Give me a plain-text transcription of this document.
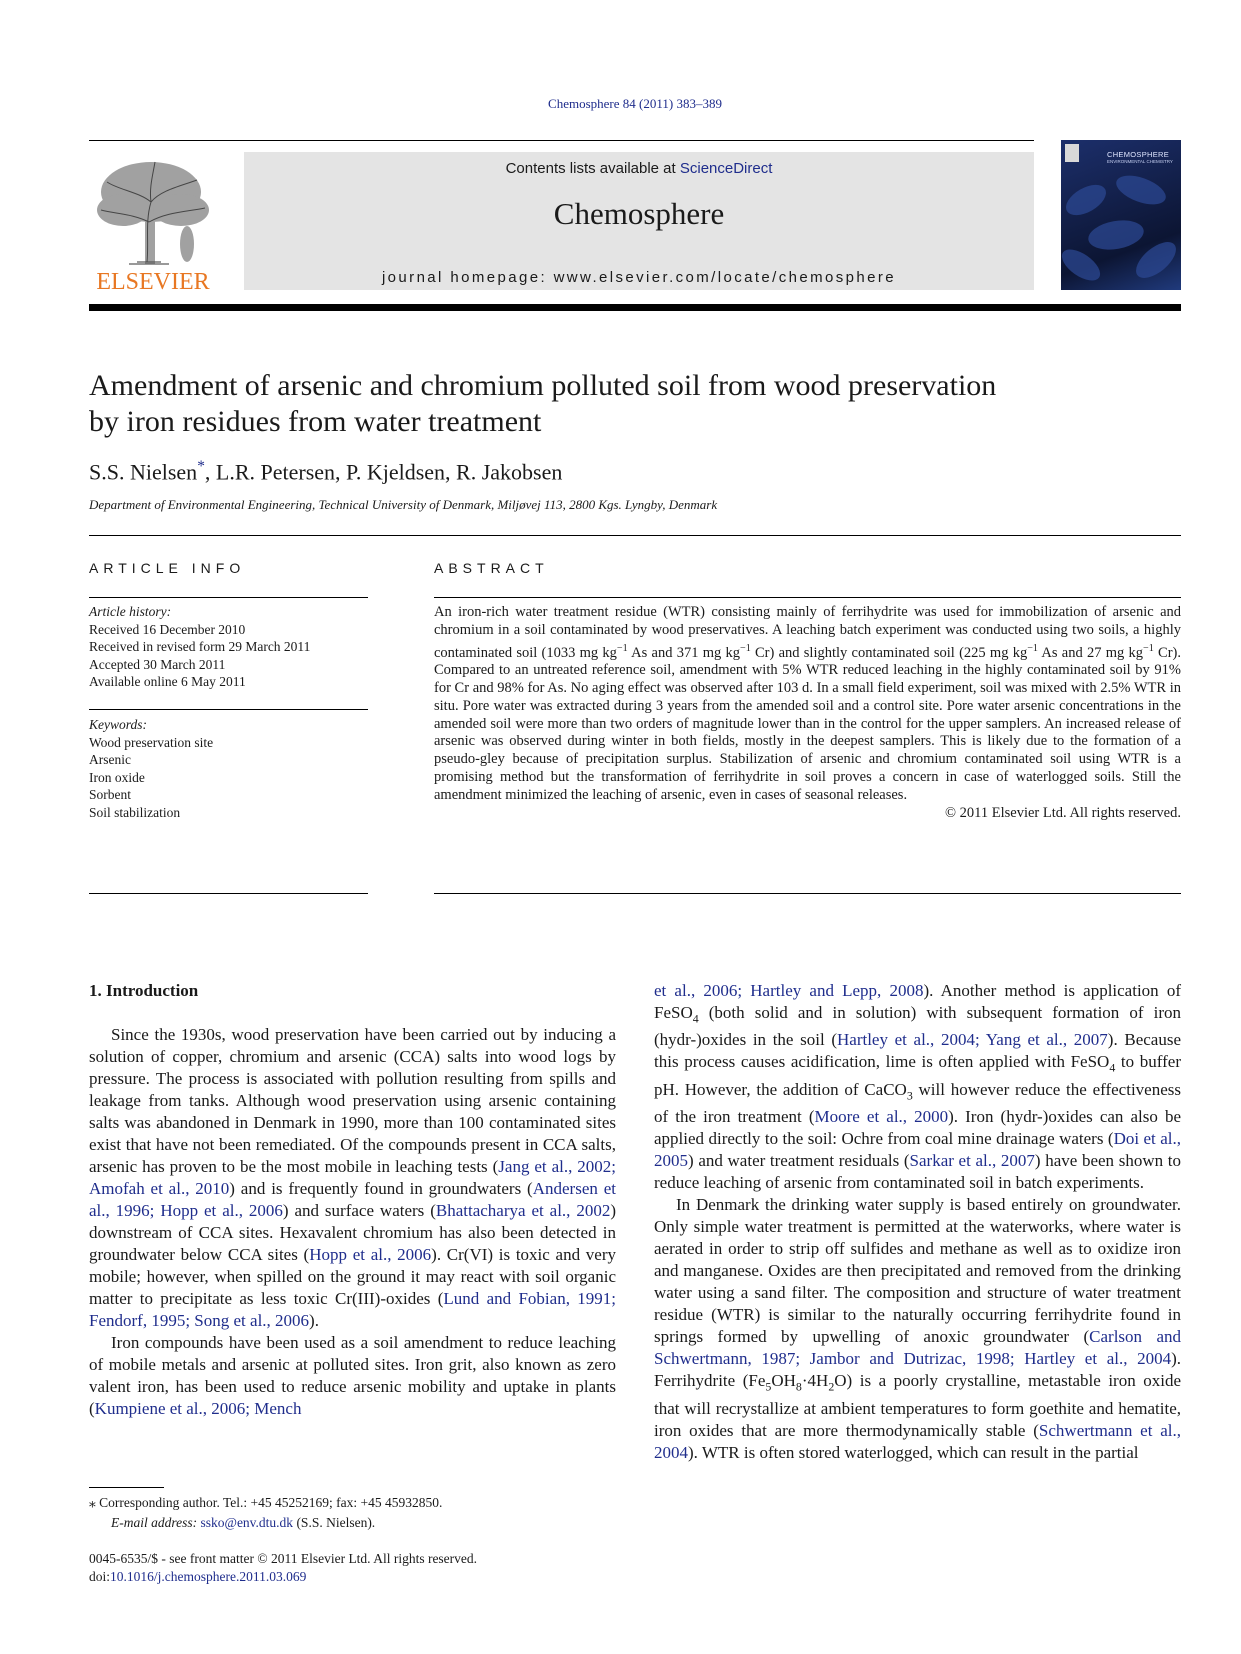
Chemosphere 84 (2011) 383–389
ELSEVIER
Contents lists available at ScienceDirect
Chemosphere
journal homepage: www.elsevier.com/locate/chemosphere
CHEMOSPHERE
ENVIRONMENTAL CHEMISTRY
Amendment of arsenic and chromium polluted soil from wood preservation
by iron residues from water treatment
S.S. Nielsen*, L.R. Petersen, P. Kjeldsen, R. Jakobsen
Department of Environmental Engineering, Technical University of Denmark, Miljøvej 113, 2800 Kgs. Lyngby, Denmark
ARTICLE INFO
Article history:
Received 16 December 2010
Received in revised form 29 March 2011
Accepted 30 March 2011
Available online 6 May 2011
Keywords:
Wood preservation site
Arsenic
Iron oxide
Sorbent
Soil stabilization
ABSTRACT
An iron-rich water treatment residue (WTR) consisting mainly of ferrihydrite was used for immobilization of arsenic and chromium in a soil contaminated by wood preservatives. A leaching batch experiment was conducted using two soils, a highly contaminated soil (1033 mg $kg^{-1}$ As and 371 mg $kg^{-1}$ Cr) and slightly contaminated soil (225 mg $kg^{-1}$ As and 27 mg $kg^{-1}$ Cr). Compared to an untreated reference soil, amendment with 5% WTR reduced leaching in the highly contaminated soil by 91% for Cr and 98% for As. No aging effect was observed after 103 d. In a small field experiment, soil was mixed with 2.5% WTR in situ. Pore water was extracted during 3 years from the amended soil and a control site. Pore water arsenic concentrations in the amended soil were more than two orders of magnitude lower than in the control for the upper samplers. An increased release of arsenic was observed during winter in both fields, mostly in the deepest samplers. This is likely due to the formation of a pseudo-gley because of precipitation surplus. Stabilization of arsenic and chromium contaminated soil using WTR is a promising method but the transformation of ferrihydrite in soil proves a concern in case of waterlogged soils. Still the amendment minimized the leaching of arsenic, even in cases of seasonal releases.
© 2011 Elsevier Ltd. All rights reserved.
1. Introduction

Since the 1930s, wood preservation have been carried out by inducing a solution of copper, chromium and arsenic (CCA) salts into wood logs by pressure. The process is associated with pollution resulting from spills and leakage from tanks. Although wood preservation using arsenic containing salts was abandoned in Denmark in 1990, more than 100 contaminated sites exist that have not been remediated. Of the compounds present in CCA salts, arsenic has proven to be the most mobile in leaching tests (Jang et al., 2002; Amofah et al., 2010) and is frequently found in groundwaters (Andersen et al., 1996; Hopp et al., 2006) and surface waters (Bhattacharya et al., 2002) downstream of CCA sites. Hexavalent chromium has also been detected in groundwater below CCA sites (Hopp et al., 2006). Cr(VI) is toxic and very mobile; however, when spilled on the ground it may react with soil organic matter to precipitate as less toxic Cr(III)-oxides (Lund and Fobian, 1991; Fendorf, 1995; Song et al., 2006).

Iron compounds have been used as a soil amendment to reduce leaching of mobile metals and arsenic at polluted sites. Iron grit, also known as zero valent iron, has been used to reduce arsenic mobility and uptake in plants (Kumpiene et al., 2006; Mench

et al., 2006; Hartley and Lepp, 2008). Another method is application of FeSO$_4$ (both solid and in solution) with subsequent formation of iron (hydr-)oxides in the soil (Hartley et al., 2004; Yang et al., 2007). Because this process causes acidification, lime is often applied with FeSO$_4$ to buffer pH. However, the addition of CaCO$_3$ will however reduce the effectiveness of the iron treatment (Moore et al., 2000). Iron (hydr-)oxides can also be applied directly to the soil: Ochre from coal mine drainage waters (Doi et al., 2005) and water treatment residuals (Sarkar et al., 2007) have been shown to reduce leaching of arsenic from contaminated soil in batch experiments.

In Denmark the drinking water supply is based entirely on groundwater. Only simple water treatment is permitted at the waterworks, where water is aerated in order to strip off sulfides and methane as well as to oxidize iron and manganese. Oxides are then precipitated and removed from the drinking water using a sand filter. The composition and structure of water treatment residue (WTR) is similar to the naturally occurring ferrihydrite found in springs formed by upwelling of anoxic groundwater (Carlson and Schwertmann, 1987; Jambor and Dutrizac, 1998; Hartley et al., 2004). Ferrihydrite $(Fe_5OH_8\cdot 4H_2O)$ is a poorly crystalline, metastable iron oxide that will recrystallize at ambient temperatures to form goethite and hematite, iron oxides that are more thermodynamically stable (Schwertmann et al., 2004). WTR is often stored waterlogged, which can result in the partial

⁎ Corresponding author. Tel.: +45 45252169; fax: +45 45932850.
E-mail address: ssko@env.dtu.dk (S.S. Nielsen).
0045-6535/$ - see front matter © 2011 Elsevier Ltd. All rights reserved.
doi:10.1016/j.chemosphere.2011.03.069
